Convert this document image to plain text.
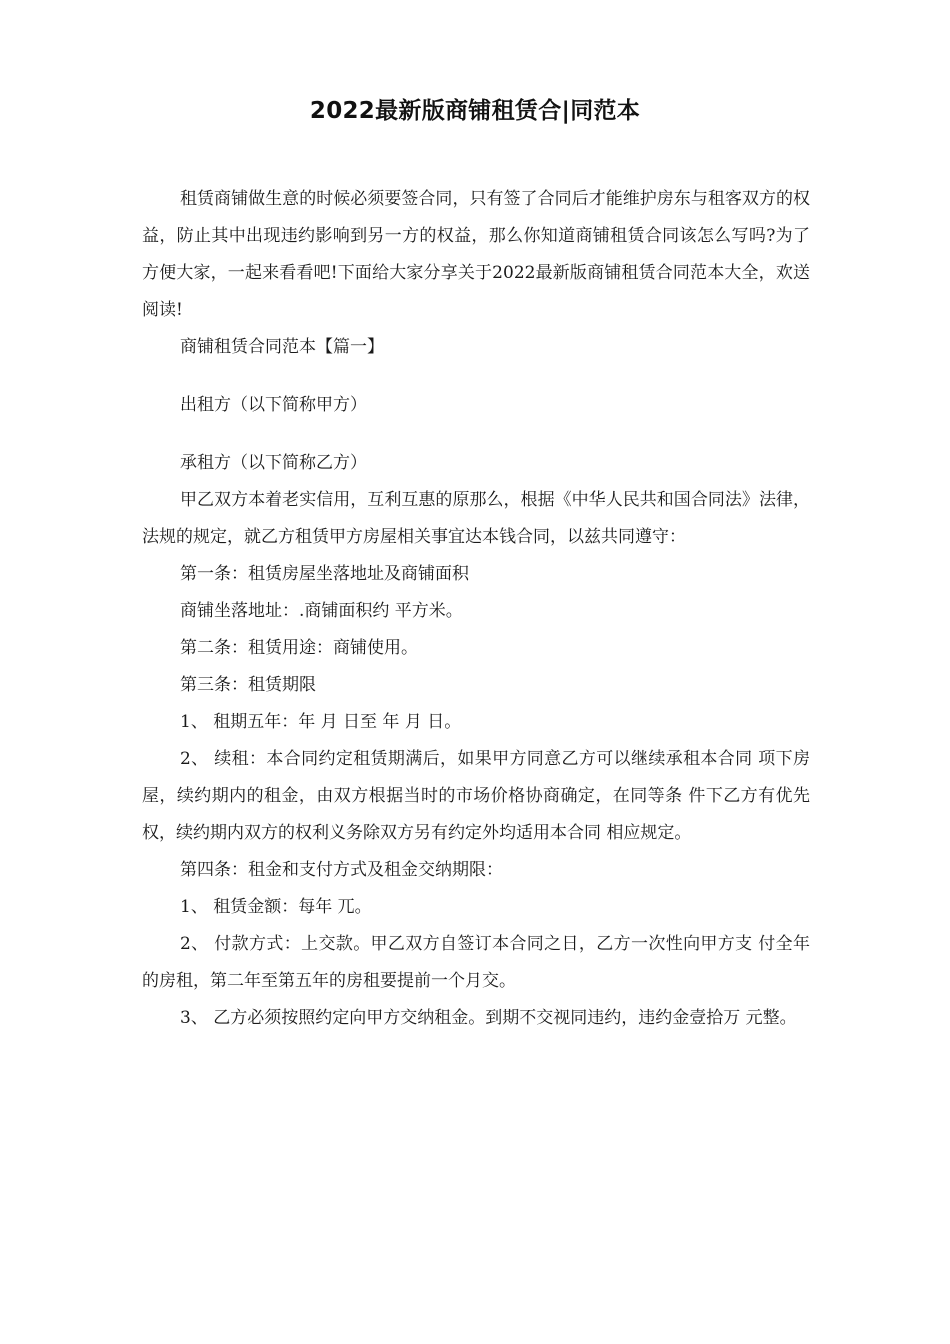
2022最新版商铺租赁合|同范本

租赁商铺做生意的时候必须要签合同，只有签了合同后才能维护房东与租客双方的权益，防止其中出现违约影响到另一方的权益，那么你知道商铺租赁合同该怎么写吗?为了方便大家，一起来看看吧!下面给大家分享关于2022最新版商铺租赁合同范本大全，欢送阅读!

商铺租赁合同范本【篇一】

出租方（以下简称甲方）

承租方（以下简称乙方）

甲乙双方本着老实信用，互利互惠的原那么，根据《中华人民共和国合同法》法律，法规的规定，就乙方租赁甲方房屋相关事宜达本钱合同，以兹共同遵守：

第一条：租赁房屋坐落地址及商铺面积

商铺坐落地址：.商铺面积约 平方米。

第二条：租赁用途：商铺使用。

第三条：租赁期限

1、 租期五年：年 月 日至 年 月 日。

2、 续租：本合同约定租赁期满后，如果甲方同意乙方可以继续承租本合同 项下房屋，续约期内的租金，由双方根据当时的市场价格协商确定，在同等条 件下乙方有优先权，续约期内双方的权利义务除双方另有约定外均适用本合同 相应规定。

第四条：租金和支付方式及租金交纳期限：

1、 租赁金额：每年 兀。

2、 付款方式：上交款。甲乙双方自签订本合同之日，乙方一次性向甲方支 付全年的房租，第二年至第五年的房租要提前一个月交。

3、 乙方必须按照约定向甲方交纳租金。到期不交视同违约，违约金壹拾万 元整。
